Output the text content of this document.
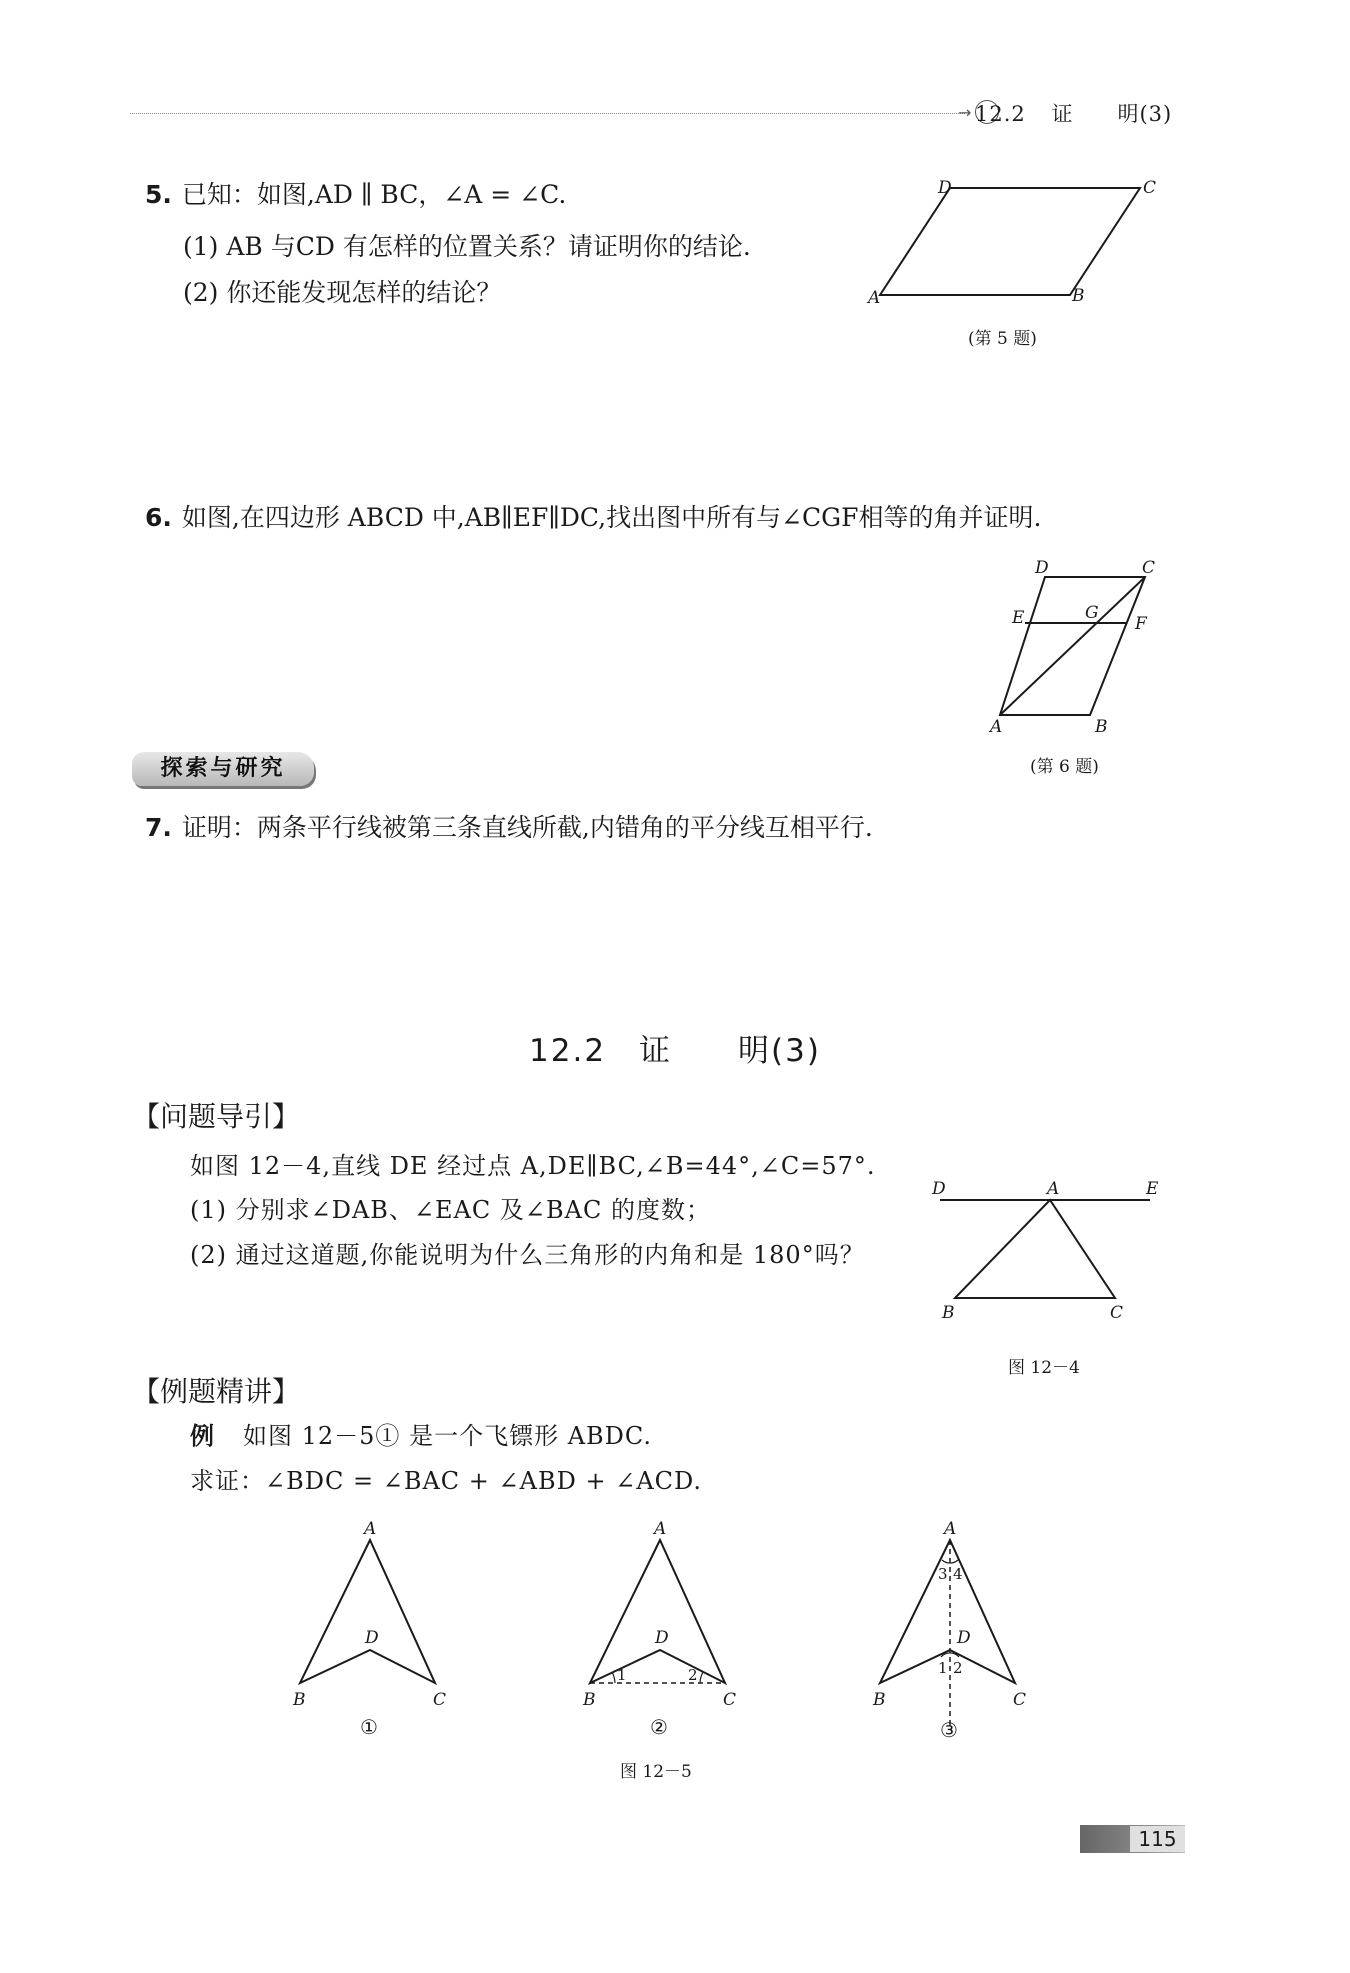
→ 12.2 证　　明(3)
5. 已知：如图,AD ∥ BC，∠A = ∠C.
(1) AB 与CD 有怎样的位置关系？请证明你的结论.
(2) 你还能发现怎样的结论？	A	B
C
D
(第 5 题)
6. 如图,在四边形 ABCD 中,AB∥EF∥DC,找出图中所有与∠CGF相等的角并证明.
A	B
C
D
E	F
G
(第 6 题)
探索与研究
7. 证明：两条平行线被第三条直线所截,内错角的平分线互相平行.
12.2　证　　明(3)
【问题导引】
如图 12－4,直线 DE 经过点 A,DE∥BC,∠B=44°,∠C=57°.
(1) 分别求∠DAB、∠EAC 及∠BAC 的度数；
(2) 通过这道题,你能说明为什么三角形的内角和是 180°吗？
D	A	E
B	C
图 12－4
【例题精讲】
例 如图 12－5① 是一个飞镖形 ABDC.
求证：∠BDC = ∠BAC + ∠ABD + ∠ACD.
A
D
B	C
①
1	2
A
D
B	C
②
3 4
1 2
A
D
B	C
③
图 12－5
115
